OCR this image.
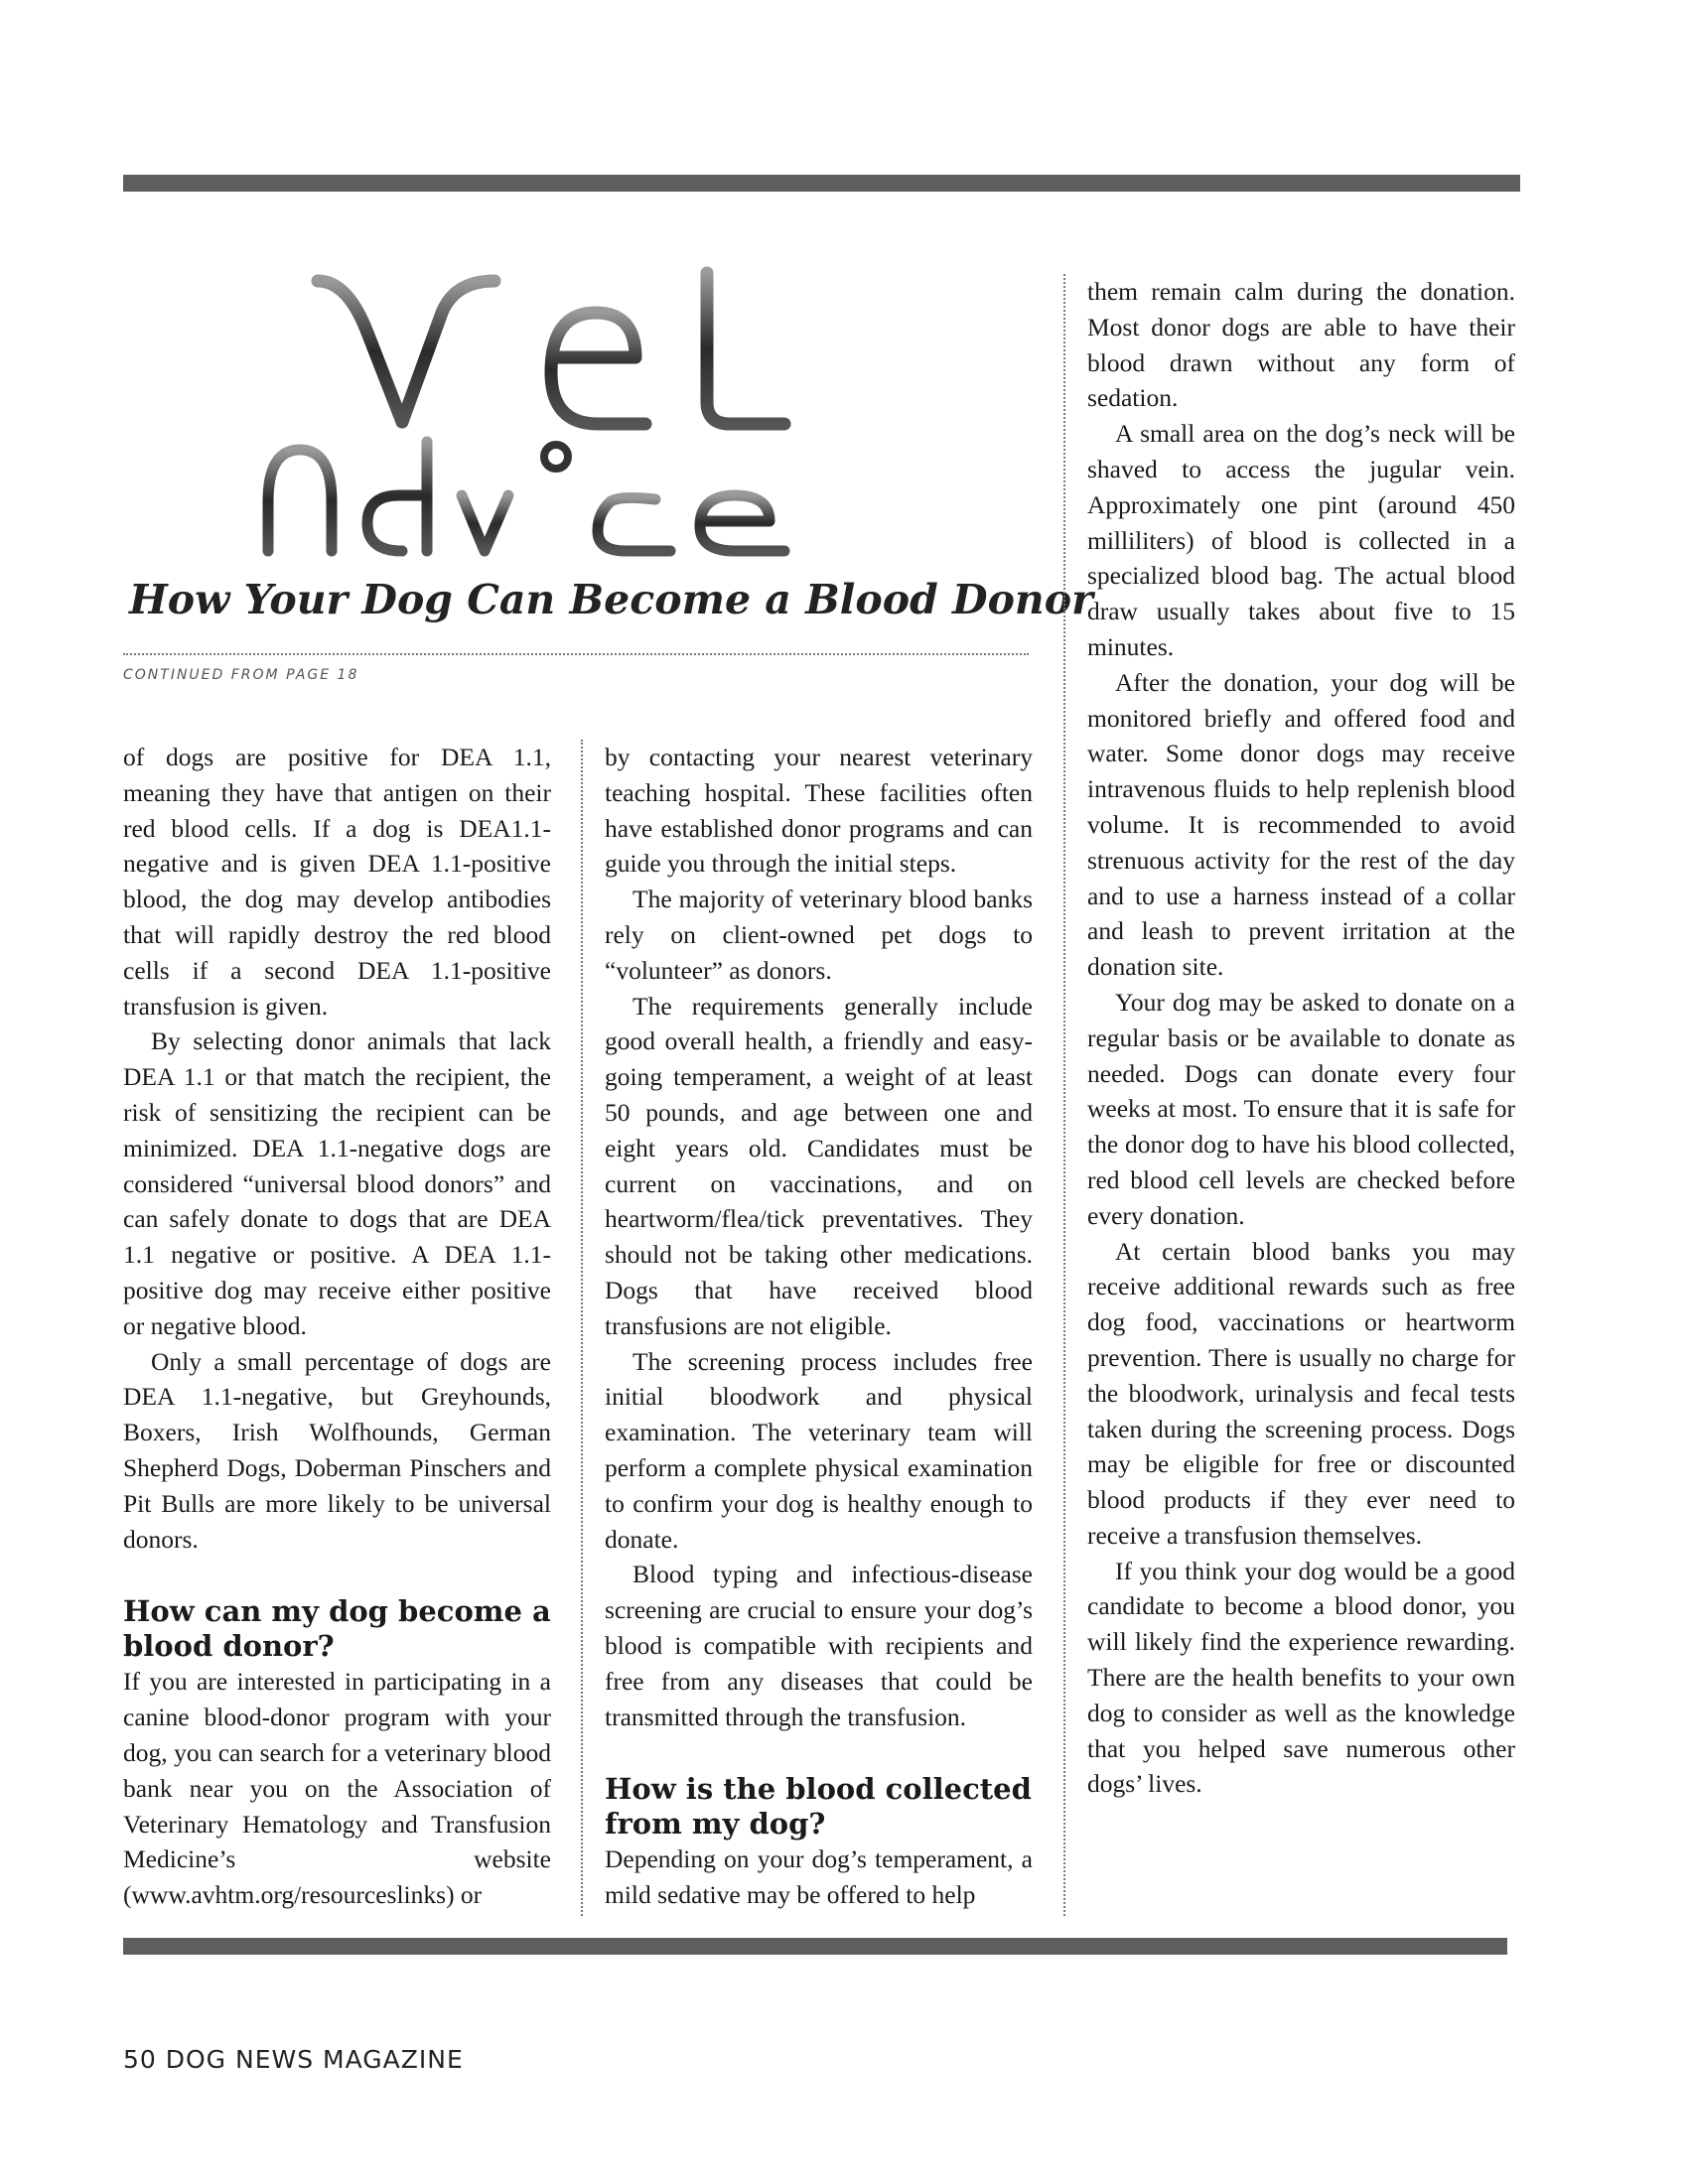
How Your Dog Can Become a Blood Donor

CONTINUED FROM PAGE 18

of dogs are positive for DEA 1.1, meaning they have that antigen on their red blood cells. If a dog is DEA1.1-negative and is given DEA 1.1-positive blood, the dog may develop antibodies that will rapidly destroy the red blood cells if a second DEA 1.1-positive transfusion is given.

By selecting donor animals that lack DEA 1.1 or that match the recipient, the risk of sensitizing the recipient can be minimized. DEA 1.1-negative dogs are considered “universal blood donors” and can safely donate to dogs that are DEA 1.1 negative or positive. A DEA 1.1-positive dog may receive either positive or negative blood.

Only a small percentage of dogs are DEA 1.1-negative, but Greyhounds, Boxers, Irish Wolfhounds, German Shepherd Dogs, Doberman Pinschers and Pit Bulls are more likely to be universal donors.

How can my dog become a blood donor?

If you are interested in participating in a canine blood-donor program with your dog, you can search for a veterinary blood bank near you on the Association of Veterinary Hematology and Transfusion Medicine’s website (www.avhtm.org/resourceslinks) or

by contacting your nearest veterinary teaching hospital. These facilities often have established donor programs and can guide you through the initial steps.

The majority of veterinary blood banks rely on client-owned pet dogs to “volunteer” as donors.

The requirements generally include good overall health, a friendly and easy-going temperament, a weight of at least 50 pounds, and age between one and eight years old. Candidates must be current on vaccinations, and on heartworm/flea/tick preventatives. They should not be taking other medications. Dogs that have received blood transfusions are not eligible.

The screening process includes free initial bloodwork and physical examination. The veterinary team will perform a complete physical examination to confirm your dog is healthy enough to donate.

Blood typing and infectious-disease screening are crucial to ensure your dog’s blood is compatible with recipients and free from any diseases that could be transmitted through the transfusion.

How is the blood collected from my dog?

Depending on your dog’s temperament, a mild sedative may be offered to help

them remain calm during the donation. Most donor dogs are able to have their blood drawn without any form of sedation.

A small area on the dog’s neck will be shaved to access the jugular vein. Approximately one pint (around 450 milliliters) of blood is collected in a specialized blood bag. The actual blood draw usually takes about five to 15 minutes.

After the donation, your dog will be monitored briefly and offered food and water. Some donor dogs may receive intravenous fluids to help replenish blood volume. It is recommended to avoid strenuous activity for the rest of the day and to use a harness instead of a collar and leash to prevent irritation at the donation site.

Your dog may be asked to donate on a regular basis or be available to donate as needed. Dogs can donate every four weeks at most. To ensure that it is safe for the donor dog to have his blood collected, red blood cell levels are checked before every donation.

At certain blood banks you may receive additional rewards such as free dog food, vaccinations or heartworm prevention. There is usually no charge for the bloodwork, urinalysis and fecal tests taken during the screening process. Dogs may be eligible for free or discounted blood products if they ever need to receive a transfusion themselves.

If you think your dog would be a good candidate to become a blood donor, you will likely find the experience rewarding. There are the health benefits to your own dog to consider as well as the knowledge that you helped save numerous other dogs’ lives.

50 DOG NEWS MAGAZINE
